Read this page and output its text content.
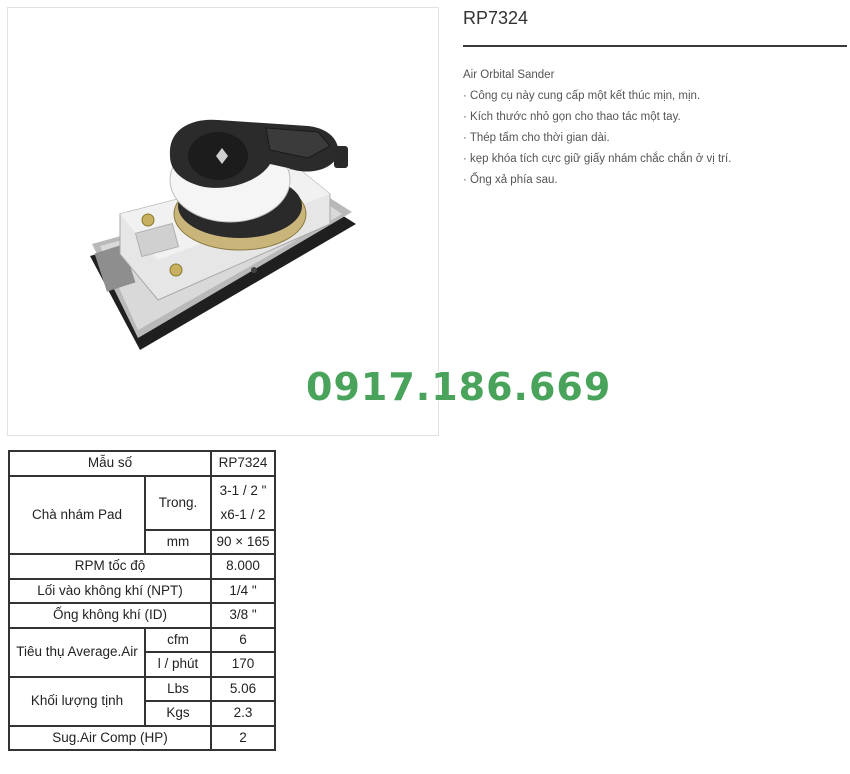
0917.186.669
RP7324
Air Orbital Sander
· Công cụ này cung cấp một kết thúc mịn, mịn.
· Kích thước nhỏ gọn cho thao tác một tay.
· Thép tấm cho thời gian dài.
· kẹp khóa tích cực giữ giấy nhám chắc chắn ở vị trí.
· Ống xả phía sau.
Mẫu số		RP7324
Chà nhám Pad	Trong.	3-1 / 2 "
x6-1 / 2

	mm	90 × 165
RPM tốc độ		8.000
Lối vào không khí (NPT)		1/4 "
Ống không khí (ID)		3/8 "
Tiêu thụ Average.Air	cfm	6
	l / phút	170
Khối lượng tịnh	Lbs	5.06
	Kgs	2.3
Sug.Air Comp (HP)		2
